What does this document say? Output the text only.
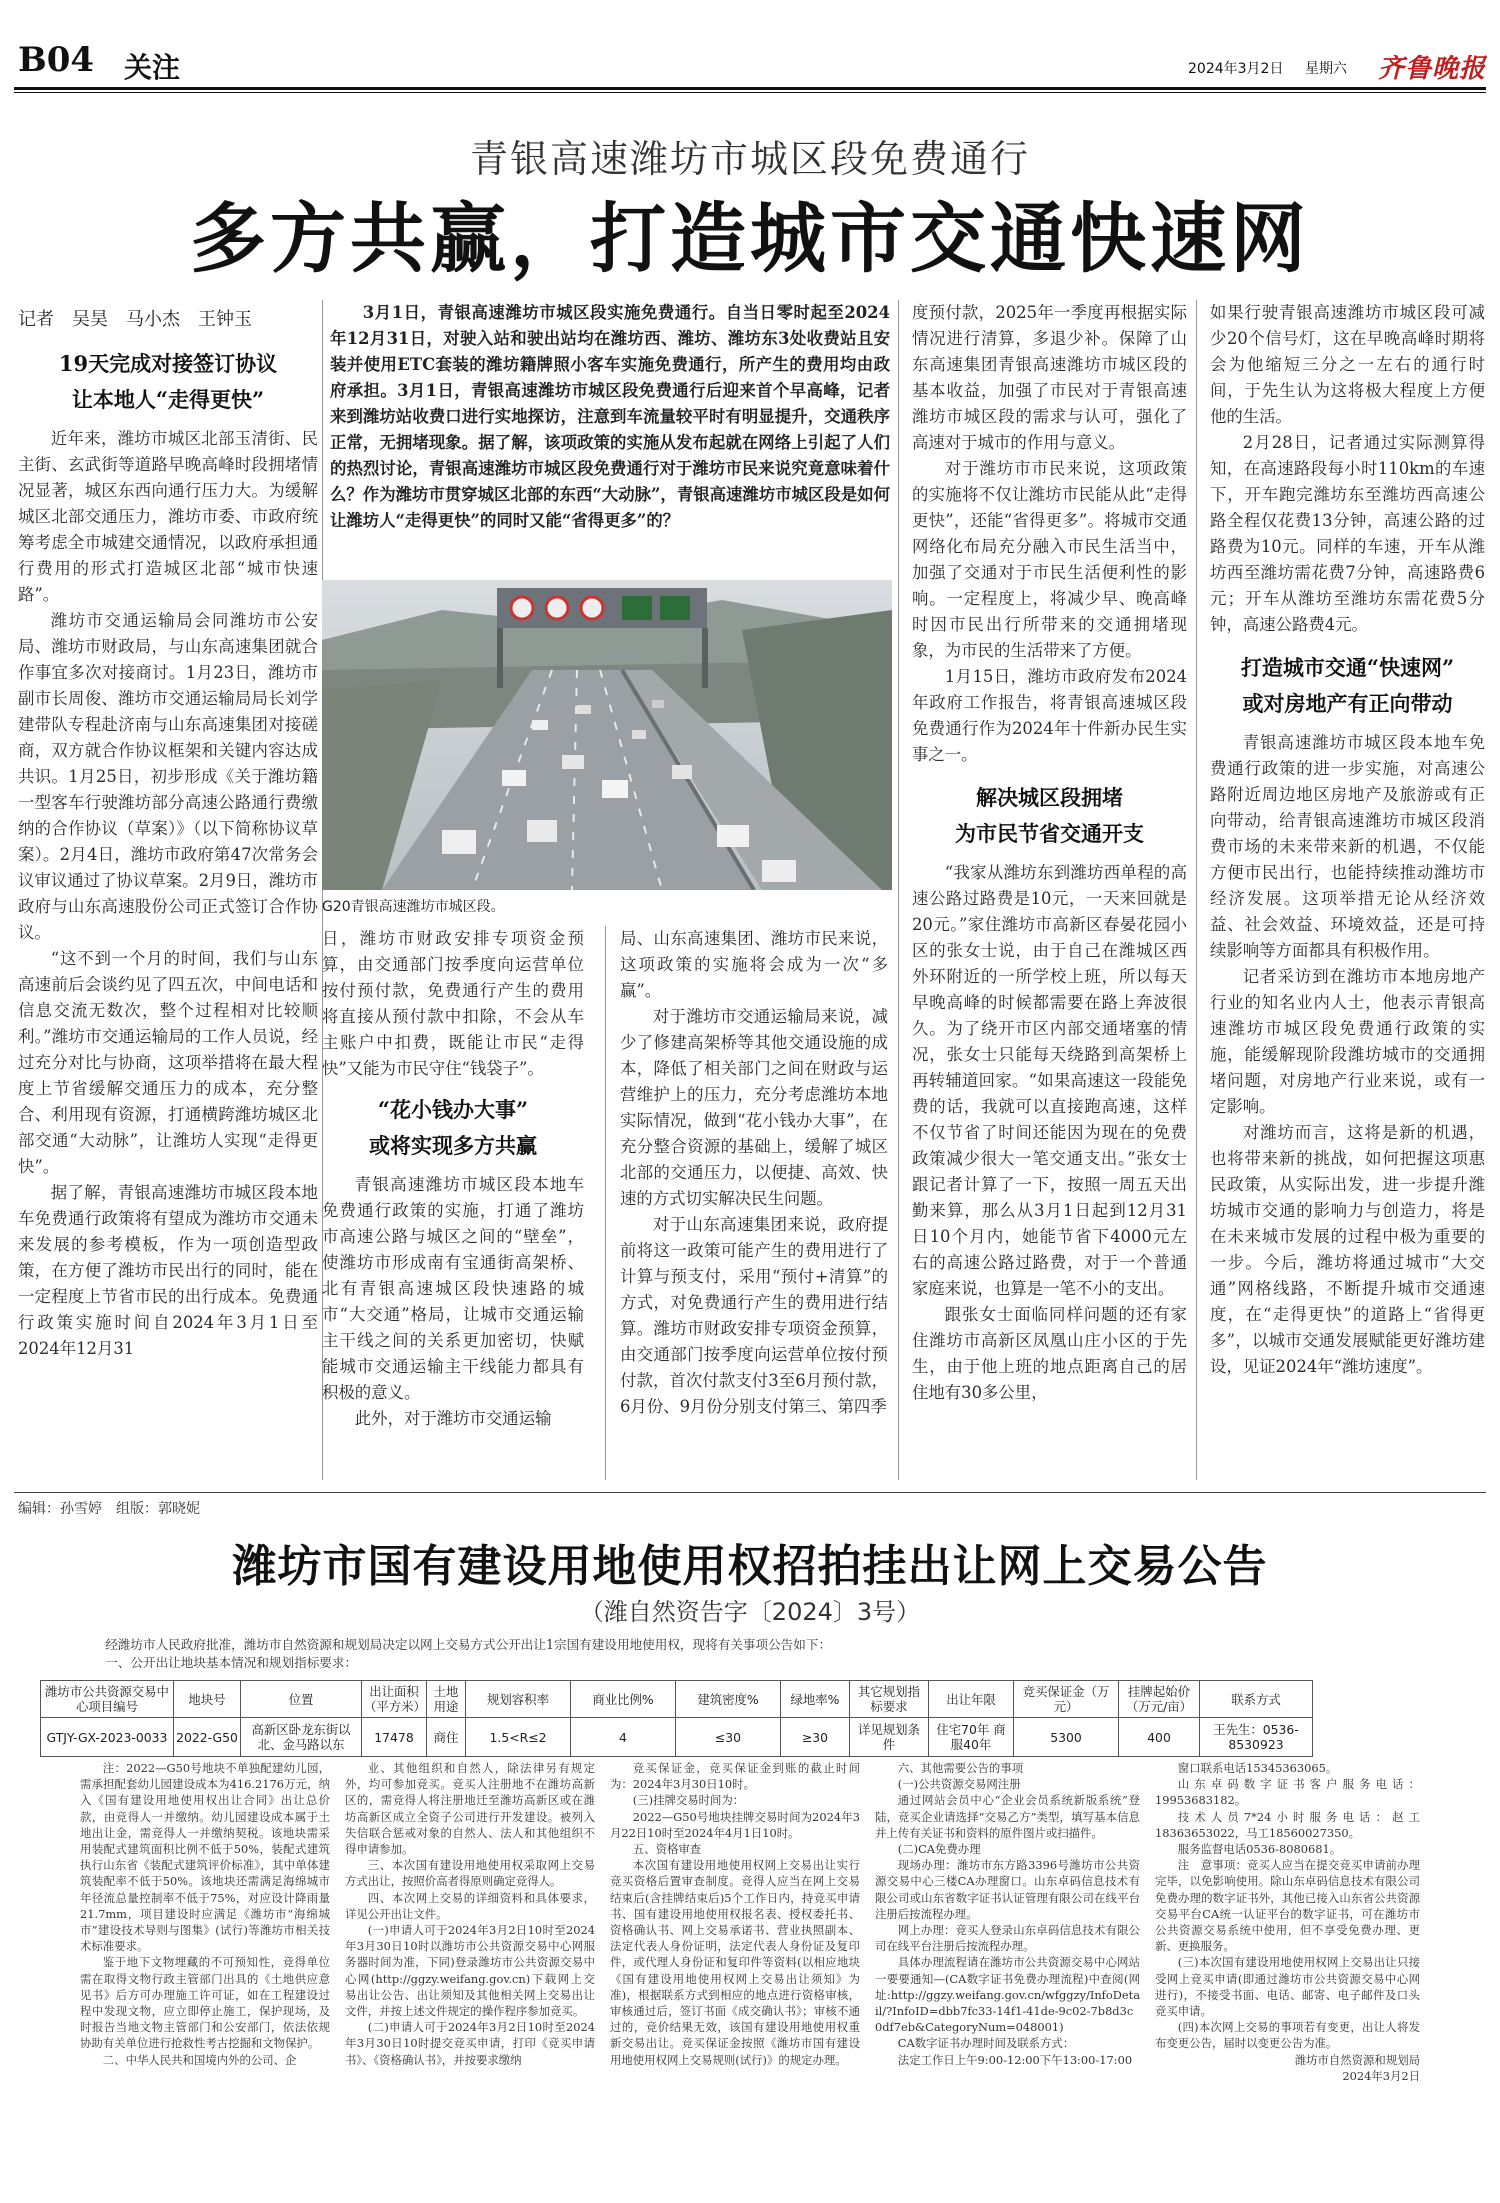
B04 关注	2024年3月2日 星期六 齐鲁晚报
青银高速潍坊市城区段免费通行
多方共赢，打造城市交通快速网
记者　吴昊　马小杰　王钟玉
19天完成对接签订协议
让本地人“走得更快”

近年来，潍坊市城区北部玉清街、民主街、玄武街等道路早晚高峰时段拥堵情况显著，城区东西向通行压力大。为缓解城区北部交通压力，潍坊市委、市政府统筹考虑全市城建交通情况，以政府承担通行费用的形式打造城区北部“城市快速路”。

潍坊市交通运输局会同潍坊市公安局、潍坊市财政局，与山东高速集团就合作事宜多次对接商讨。1月23日，潍坊市副市长周俊、潍坊市交通运输局局长刘学建带队专程赴济南与山东高速集团对接磋商，双方就合作协议框架和关键内容达成共识。1月25日，初步形成《关于潍坊籍一型客车行驶潍坊部分高速公路通行费缴纳的合作协议（草案）》（以下简称协议草案）。2月4日，潍坊市政府第47次常务会议审议通过了协议草案。2月9日，潍坊市政府与山东高速股份公司正式签订合作协议。

“这不到一个月的时间，我们与山东高速前后会谈约见了四五次，中间电话和信息交流无数次，整个过程相对比较顺利。”潍坊市交通运输局的工作人员说，经过充分对比与协商，这项举措将在最大程度上节省缓解交通压力的成本，充分整合、利用现有资源，打通横跨潍坊城区北部交通“大动脉”，让潍坊人实现“走得更快”。

据了解，青银高速潍坊市城区段本地车免费通行政策将有望成为潍坊市交通未来发展的参考模板，作为一项创造型政策，在方便了潍坊市民出行的同时，能在一定程度上节省市民的出行成本。免费通行政策实施时间自2024年3月1日至2024年12月31

3月1日，青银高速潍坊市城区段实施免费通行。自当日零时起至2024年12月31日，对驶入站和驶出站均在潍坊西、潍坊、潍坊东3处收费站且安装并使用ETC套装的潍坊籍牌照小客车实施免费通行，所产生的费用均由政府承担。3月1日，青银高速潍坊市城区段免费通行后迎来首个早高峰，记者来到潍坊站收费口进行实地探访，注意到车流量较平时有明显提升，交通秩序正常，无拥堵现象。据了解，该项政策的实施从发布起就在网络上引起了人们的热烈讨论，青银高速潍坊市城区段免费通行对于潍坊市民来说究竟意味着什么？作为潍坊市贯穿城区北部的东西“大动脉”，青银高速潍坊市城区段是如何让潍坊人“走得更快”的同时又能“省得更多”的？

G20青银高速潍坊市城区段。

日，潍坊市财政安排专项资金预算，由交通部门按季度向运营单位按付预付款，免费通行产生的费用将直接从预付款中扣除，不会从车主账户中扣费，既能让市民“走得快”又能为市民守住“钱袋子”。

“花小钱办大事”
或将实现多方共赢

青银高速潍坊市城区段本地车免费通行政策的实施，打通了潍坊市高速公路与城区之间的“壁垒”，使潍坊市形成南有宝通街高架桥、北有青银高速城区段快速路的城市“大交通”格局，让城市交通运输主干线之间的关系更加密切，快赋能城市交通运输主干线能力都具有积极的意义。

此外，对于潍坊市交通运输

局、山东高速集团、潍坊市民来说，这项政策的实施将会成为一次“多赢”。

对于潍坊市交通运输局来说，减少了修建高架桥等其他交通设施的成本，降低了相关部门之间在财政与运营维护上的压力，充分考虑潍坊本地实际情况，做到“花小钱办大事”，在充分整合资源的基础上，缓解了城区北部的交通压力，以便捷、高效、快速的方式切实解决民生问题。

对于山东高速集团来说，政府提前将这一政策可能产生的费用进行了计算与预支付，采用“预付+清算”的方式，对免费通行产生的费用进行结算。潍坊市财政安排专项资金预算，由交通部门按季度向运营单位按付预付款，首次付款支付3至6月预付款，6月份、9月份分别支付第三、第四季

度预付款，2025年一季度再根据实际情况进行清算，多退少补。保障了山东高速集团青银高速潍坊市城区段的基本收益，加强了市民对于青银高速潍坊市城区段的需求与认可，强化了高速对于城市的作用与意义。

对于潍坊市市民来说，这项政策的实施将不仅让潍坊市民能从此“走得更快”，还能“省得更多”。将城市交通网络化布局充分融入市民生活当中，加强了交通对于市民生活便利性的影响。一定程度上，将减少早、晚高峰时因市民出行所带来的交通拥堵现象，为市民的生活带来了方便。

1月15日，潍坊市政府发布2024年政府工作报告，将青银高速城区段免费通行作为2024年十件新办民生实事之一。

解决城区段拥堵
为市民节省交通开支

“我家从潍坊东到潍坊西单程的高速公路过路费是10元，一天来回就是20元。”家住潍坊市高新区春晏花园小区的张女士说，由于自己在潍城区西外环附近的一所学校上班，所以每天早晚高峰的时候都需要在路上奔波很久。为了绕开市区内部交通堵塞的情况，张女士只能每天绕路到高架桥上再转辅道回家。“如果高速这一段能免费的话，我就可以直接跑高速，这样不仅节省了时间还能因为现在的免费政策减少很大一笔交通支出。”张女士跟记者计算了一下，按照一周五天出勤来算，那么从3月1日起到12月31日10个月内，她能节省下4000元左右的高速公路过路费，对于一个普通家庭来说，也算是一笔不小的支出。

跟张女士面临同样问题的还有家住潍坊市高新区凤凰山庄小区的于先生，由于他上班的地点距离自己的居住地有30多公里，

如果行驶青银高速潍坊市城区段可减少20个信号灯，这在早晚高峰时期将会为他缩短三分之一左右的通行时间，于先生认为这将极大程度上方便他的生活。

2月28日，记者通过实际测算得知，在高速路段每小时110km的车速下，开车跑完潍坊东至潍坊西高速公路全程仅花费13分钟，高速公路的过路费为10元。同样的车速，开车从潍坊西至潍坊需花费7分钟，高速路费6元；开车从潍坊至潍坊东需花费5分钟，高速公路费4元。

打造城市交通“快速网”
或对房地产有正向带动

青银高速潍坊市城区段本地车免费通行政策的进一步实施，对高速公路附近周边地区房地产及旅游或有正向带动，给青银高速潍坊市城区段消费市场的未来带来新的机遇，不仅能方便市民出行，也能持续推动潍坊市经济发展。这项举措无论从经济效益、社会效益、环境效益，还是可持续影响等方面都具有积极作用。

记者采访到在潍坊市本地房地产行业的知名业内人士，他表示青银高速潍坊市城区段免费通行政策的实施，能缓解现阶段潍坊城市的交通拥堵问题，对房地产行业来说，或有一定影响。

对潍坊而言，这将是新的机遇，也将带来新的挑战，如何把握这项惠民政策，从实际出发，进一步提升潍坊城市交通的影响力与创造力，将是在未来城市发展的过程中极为重要的一步。今后，潍坊将通过城市“大交通”网格线路，不断提升城市交通速度，在“走得更快”的道路上“省得更多”，以城市交通发展赋能更好潍坊建设，见证2024年“潍坊速度”。

编辑：孙雪婷　组版：郭晓妮
潍坊市国有建设用地使用权招拍挂出让网上交易公告
（潍自然资告字〔2024〕3号）
经潍坊市人民政府批准，潍坊市自然资源和规划局决定以网上交易方式公开出让1宗国有建设用地使用权，现将有关事项公告如下：
一、公开出让地块基本情况和规划指标要求：
潍坊市公共资源交易中心项目编号	地块号	位置	出让面积（平方米）	土地用途	规划容积率	商业比例%	建筑密度%	绿地率%	其它规划指标要求	出让年限	竞买保证金（万元）	挂牌起始价（万元/亩）	联系方式
GTJY-GX-2023-0033	2022-G50	高新区卧龙东街以北、金马路以东	17478	商住	1.5<R≤2	4	≤30	≥30	详见规划条件	住宅70年 商服40年	5300	400	王先生：0536-8530923

注：2022—G50号地块不单独配建幼儿园，需承担配套幼儿园建设成本为416.2176万元，纳入《国有建设用地使用权出让合同》出让总价款，由竞得人一并缴纳。幼儿园建设成本属于土地出让金，需竞得人一并缴纳契税。该地块需采用装配式建筑面积比例不低于50%，装配式建筑执行山东省《装配式建筑评价标准》，其中单体建筑装配率不低于50%。该地块还需满足海绵城市年径流总量控制率不低于75%，对应设计降雨量21.7mm，项目建设时应满足《潍坊市“海绵城市”建设技术导则与图集》(试行)等潍坊市相关技术标准要求。

鉴于地下文物埋藏的不可预知性，竞得单位需在取得文物行政主管部门出具的《土地供应意见书》后方可办理施工许可证，如在工程建设过程中发现文物，应立即停止施工，保护现场，及时报告当地文物主管部门和公安部门，依法依规协助有关单位进行抢救性考古挖掘和文物保护。

二、中华人民共和国境内外的公司、企

业、其他组织和自然人，除法律另有规定外，均可参加竞买。竞买人注册地不在潍坊高新区的，需竞得人将注册地迁至潍坊高新区或在潍坊高新区成立全资子公司进行开发建设。被列入失信联合惩戒对象的自然人、法人和其他组织不得申请参加。

三、本次国有建设用地使用权采取网上交易方式出让，按照价高者得原则确定竞得人。

四、本次网上交易的详细资料和具体要求，详见公开出让文件。

(一)申请人可于2024年3月2日10时至2024年3月30日10时以潍坊市公共资源交易中心网服务器时间为准，下同)登录潍坊市公共资源交易中心网(http://ggzy.weifang.gov.cn)下载网上交易出让公告、出让须知及其他相关网上交易出让文件，并按上述文件规定的操作程序参加竞买。

(二)申请人可于2024年3月2日10时至2024年3月30日10时提交竞买申请，打印《竞买申请书》、《资格确认书》，并按要求缴纳

竞买保证金，竞买保证金到账的截止时间为：2024年3月30日10时。

(三)挂牌交易时间为：

2022—G50号地块挂牌交易时间为2024年3月22日10时至2024年4月1日10时。

五、资格审查

本次国有建设用地使用权网上交易出让实行竞买资格后置审查制度。竞得人应当在网上交易结束后(含挂牌结束后)5个工作日内，持竞买申请书、国有建设用地使用权报名表、授权委托书、资格确认书、网上交易承诺书、营业执照副本、法定代表人身份证明，法定代表人身份证及复印件，或代理人身份证和复印件等资料(以相应地块《国有建设用地使用权网上交易出让须知》为准)，根据联系方式到相应的地点进行资格审核，审核通过后，签订书面《成交确认书》；审核不通过的，竞价结果无效，该国有建设用地使用权重新交易出让。竞买保证金按照《潍坊市国有建设用地使用权网上交易规则(试行)》的规定办理。

六、其他需要公告的事项

(一)公共资源交易网注册

通过网站会员中心“企业会员系统新版系统”登陆，竞买企业请选择“交易乙方”类型，填写基本信息并上传有关证书和资料的原件图片或扫描件。

(二)CA免费办理

现场办理：潍坊市东方路3396号潍坊市公共资源交易中心三楼CA办理窗口。山东卓码信息技术有限公司或山东省数字证书认证管理有限公司在线平台注册后按流程办理。

网上办理：竞买人登录山东卓码信息技术有限公司在线平台注册后按流程办理。

具体办理流程请在潍坊市公共资源交易中心网站一要要通知—(CA数字证书免费办理流程)中查阅(网址:http://ggzy.weifang.gov.cn/wfggzy/InfoDetail/?InfoID=dbb7fc33-14f1-41de-9c02-7b8d3c0df7eb&CategoryNum=048001)

CA数字证书办理时间及联系方式：

法定工作日上午9:00-12:00下午13:00-17:00

窗口联系电话15345363065。

山东卓码数字证书客户服务电话：19953683182。

技术人员7*24小时服务电话：赵工18363653022，马工18560027350。

服务监督电话0536-8080681。

注　意事项：竞买人应当在提交竞买申请前办理完毕，以免影响使用。除山东卓码信息技术有限公司免费办理的数字证书外，其他已接入山东省公共资源交易平台CA统一认证平台的数字证书，可在潍坊市公共资源交易系统中使用，但不享受免费办理、更新、更换服务。

(三)本次国有建设用地使用权网上交易出让只接受网上竞买申请(即通过潍坊市公共资源交易中心网进行)，不接受书面、电话、邮寄、电子邮件及口头竞买申请。

(四)本次网上交易的事项若有变更，出让人将发布变更公告，届时以变更公告为准。

潍坊市自然资源和规划局

2024年3月2日
